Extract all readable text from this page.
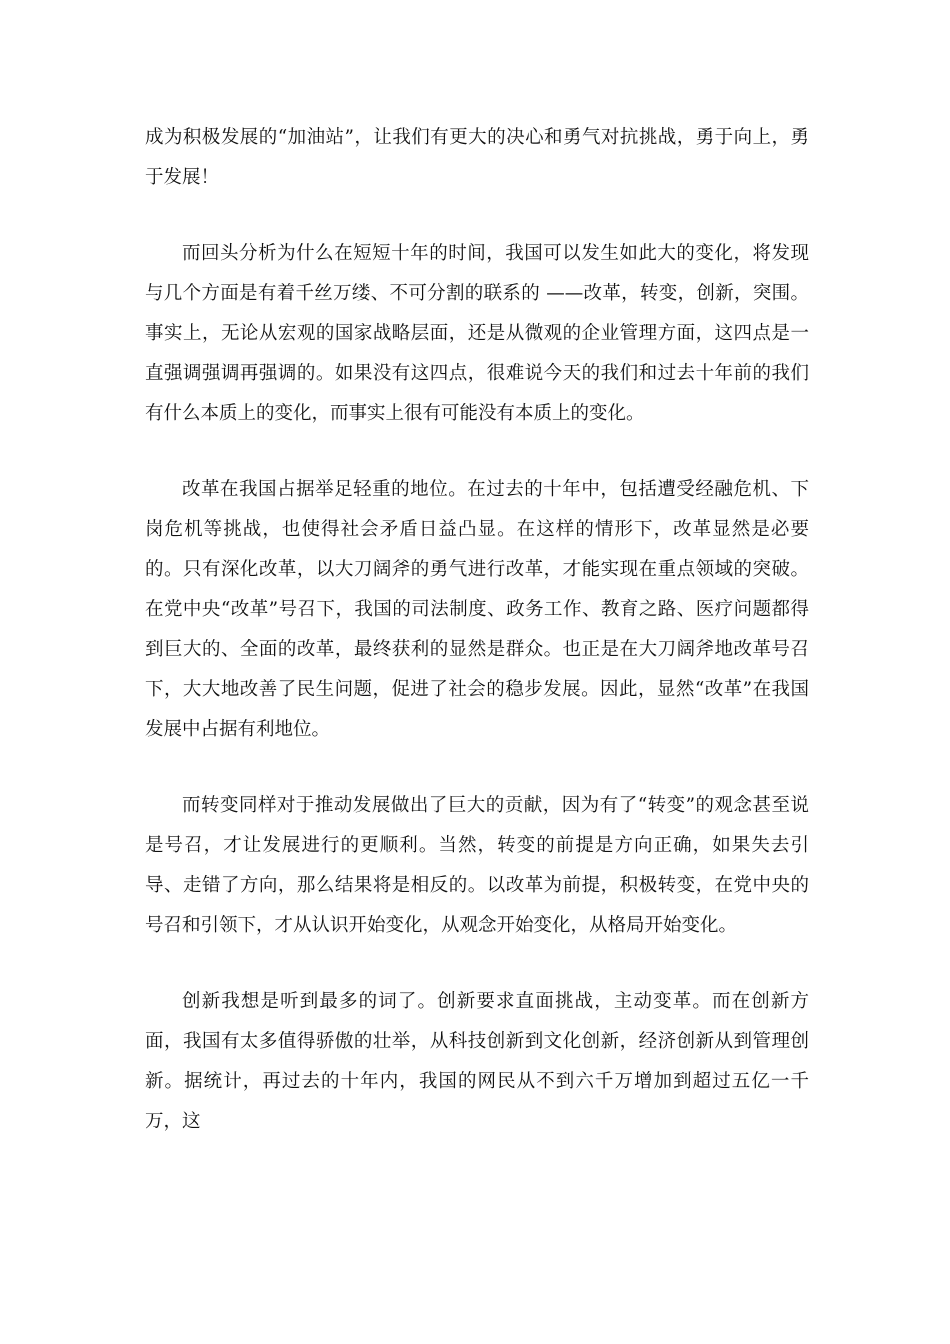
成为积极发展的“加油站”，让我们有更大的决心和勇气对抗挑战，勇于向上，勇于发展！

而回头分析为什么在短短十年的时间，我国可以发生如此大的变化，将发现与几个方面是有着千丝万缕、不可分割的联系的 ——改革，转变，创新，突围。事实上，无论从宏观的国家战略层面，还是从微观的企业管理方面，这四点是一直强调强调再强调的。如果没有这四点，很难说今天的我们和过去十年前的我们有什么本质上的变化，而事实上很有可能没有本质上的变化。

改革在我国占据举足轻重的地位。在过去的十年中，包括遭受经融危机、下岗危机等挑战，也使得社会矛盾日益凸显。在这样的情形下，改革显然是必要的。只有深化改革，以大刀阔斧的勇气进行改革，才能实现在重点领域的突破。在党中央“改革”号召下，我国的司法制度、政务工作、教育之路、医疗问题都得到巨大的、全面的改革，最终获利的显然是群众。也正是在大刀阔斧地改革号召下，大大地改善了民生问题，促进了社会的稳步发展。因此，显然“改革”在我国发展中占据有利地位。

而转变同样对于推动发展做出了巨大的贡献，因为有了“转变”的观念甚至说是号召，才让发展进行的更顺利。当然，转变的前提是方向正确，如果失去引导、走错了方向，那么结果将是相反的。以改革为前提，积极转变，在党中央的号召和引领下，才从认识开始变化，从观念开始变化，从格局开始变化。

创新我想是听到最多的词了。创新要求直面挑战，主动变革。而在创新方面，我国有太多值得骄傲的壮举，从科技创新到文化创新，经济创新从到管理创新。据统计，再过去的十年内，我国的网民从不到六千万增加到超过五亿一千万，这
